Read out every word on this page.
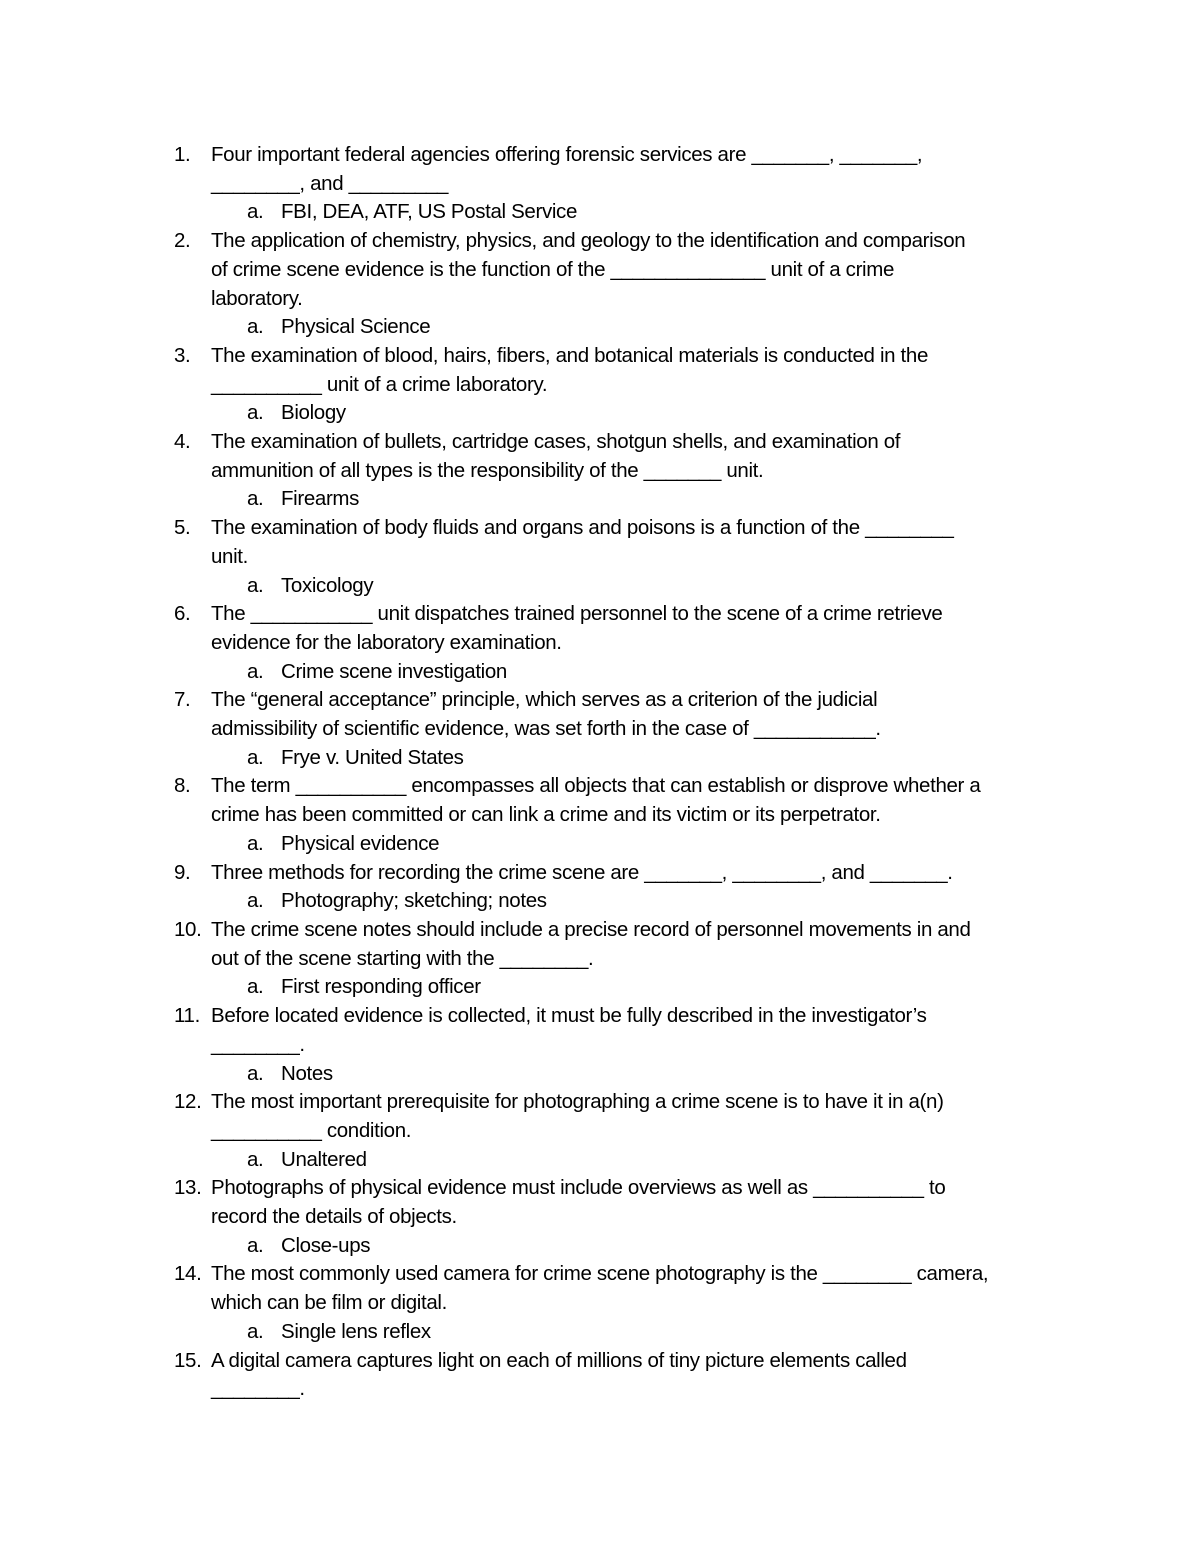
1.	Four important federal agencies offering forensic services are _______, _______,
________, and _________
a. FBI, DEA, ATF, US Postal Service
2.	The application of chemistry, physics, and geology to the identification and comparison
of crime scene evidence is the function of the ______________ unit of a crime
laboratory.
a. Physical Science
3.	The examination of blood, hairs, fibers, and botanical materials is conducted in the
__________ unit of a crime laboratory.
a. Biology
4.	The examination of bullets, cartridge cases, shotgun shells, and examination of
ammunition of all types is the responsibility of the _______ unit.
a. Firearms
5.	The examination of body fluids and organs and poisons is a function of the ________
unit.
a. Toxicology
6.	The ___________ unit dispatches trained personnel to the scene of a crime retrieve
evidence for the laboratory examination.
a. Crime scene investigation
7.	The “general acceptance” principle, which serves as a criterion of the judicial
admissibility of scientific evidence, was set forth in the case of ___________.
a. Frye v. United States
8.	The term __________ encompasses all objects that can establish or disprove whether a
crime has been committed or can link a crime and its victim or its perpetrator.
a. Physical evidence
9.	Three methods for recording the crime scene are _______, ________, and _______.
a. Photography; sketching; notes
10. The crime scene notes should include a precise record of personnel movements in and
out of the scene starting with the ________.
a. First responding officer
11. Before located evidence is collected, it must be fully described in the investigator’s
________.
a. Notes
12. The most important prerequisite for photographing a crime scene is to have it in a(n)
__________ condition.
a. Unaltered
13. Photographs of physical evidence must include overviews as well as __________ to
record the details of objects.
a. Close-ups
14. The most commonly used camera for crime scene photography is the ________ camera,
which can be film or digital.
a. Single lens reflex
15. A digital camera captures light on each of millions of tiny picture elements called
________.
